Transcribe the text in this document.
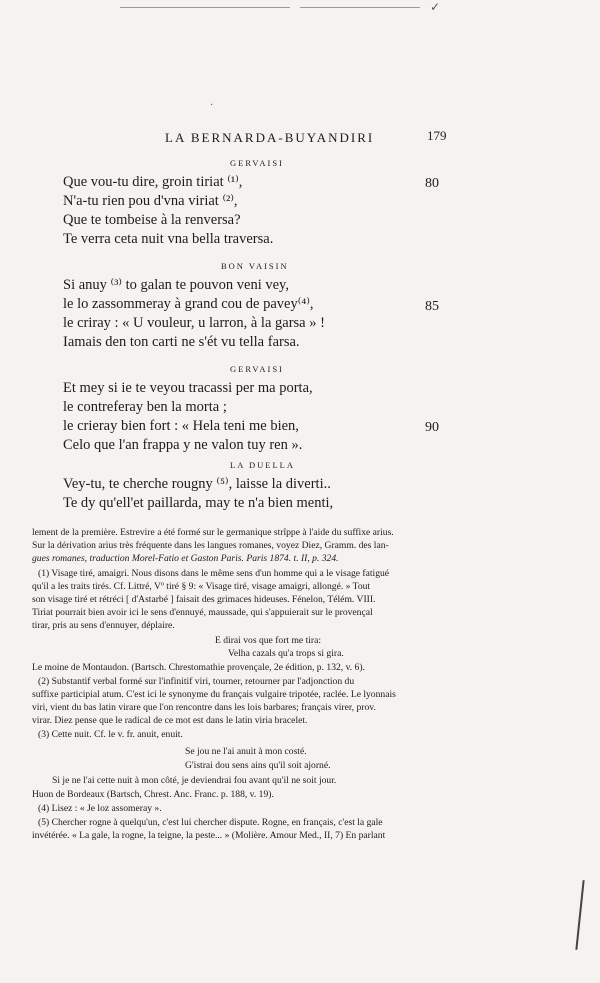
✓
·
LA BERNARDA-BUYANDIRI	179
GERVAISI
Que vou-tu dire, groin tiriat ⁽¹⁾,	80
N'a-tu rien pou d'vna viriat ⁽²⁾,
Que te tombeise à la renversa?
Te verra ceta nuit vna bella traversa.
BON VAISIN
Si anuy ⁽³⁾ to galan te pouvon veni vey,
le lo zassommeray à grand cou de pavey⁽⁴⁾,	85
le criray : « U vouleur, u larron, à la garsa » !
Iamais den ton carti ne s'ét vu tella farsa.
GERVAISI
Et mey si ie te veyou tracassi per ma porta,
le contreferay ben la morta ;
le crieray bien fort : « Hela teni me bien,	90
Celo que l'an frappa y ne valon tuy ren ».
LA DUELLA
Vey-tu, te cherche rougny ⁽⁵⁾, laisse la diverti..
Te dy qu'ell'et paillarda, may te n'a bien menti,
lement de la première. Estrevire a été formé sur le germanique strîppe à l'aide du suffixe arius.
Sur la dérivation arius très fréquente dans les langues romanes, voyez Diez, Gramm. des lan-
gues romanes, traduction Morel-Fatio et Gaston Paris. Paris 1874. t. II, p. 324.
(1) Visage tiré, amaigri. Nous disons dans le même sens d'un homme qui a le visage fatigué
qu'il a les traits tirés. Cf. Littré, Vº tiré § 9: « Visage tiré, visage amaigri, allongé. » Tout
son visage tiré et rétréci [ d'Astarbé ] faisait des grimaces hideuses. Fénelon, Télém. VIII.
Tiriat pourrait bien avoir ici le sens d'ennuyé, maussade, qui s'appuierait sur le provençal
tirar, pris au sens d'ennuyer, déplaire.
E dirai vos que fort me tira:
Velha cazals qu'a trops si gira.
Le moine de Montaudon. (Bartsch. Chrestomathie provençale, 2e édition, p. 132, v. 6).
(2) Substantif verbal formé sur l'infinitif viri, tourner, retourner par l'adjonction du
suffixe participial atum. C'est ici le synonyme du français vulgaire tripotée, raclée. Le lyonnais
viri, vient du bas latin virare que l'on rencontre dans les lois barbares; français virer, prov.
virar. Diez pense que le radical de ce mot est dans le latin viria bracelet.
(3) Cette nuit. Cf. le v. fr. anuit, enuit.
Se jou ne l'ai anuit à mon costé.
G'istrai dou sens ains qu'il soit ajorné.
Si je ne l'ai cette nuit à mon côté, je deviendrai fou avant qu'il ne soit jour.
Huon de Bordeaux (Bartsch, Chrest. Anc. Franc. p. 188, v. 19).
(4) Lisez : « Je loz assomeray ».
(5) Chercher rogne à quelqu'un, c'est lui chercher dispute. Rogne, en français, c'est la gale
invétérée. « La gale, la rogne, la teigne, la peste... » (Molière. Amour Med., II, 7) En parlant
